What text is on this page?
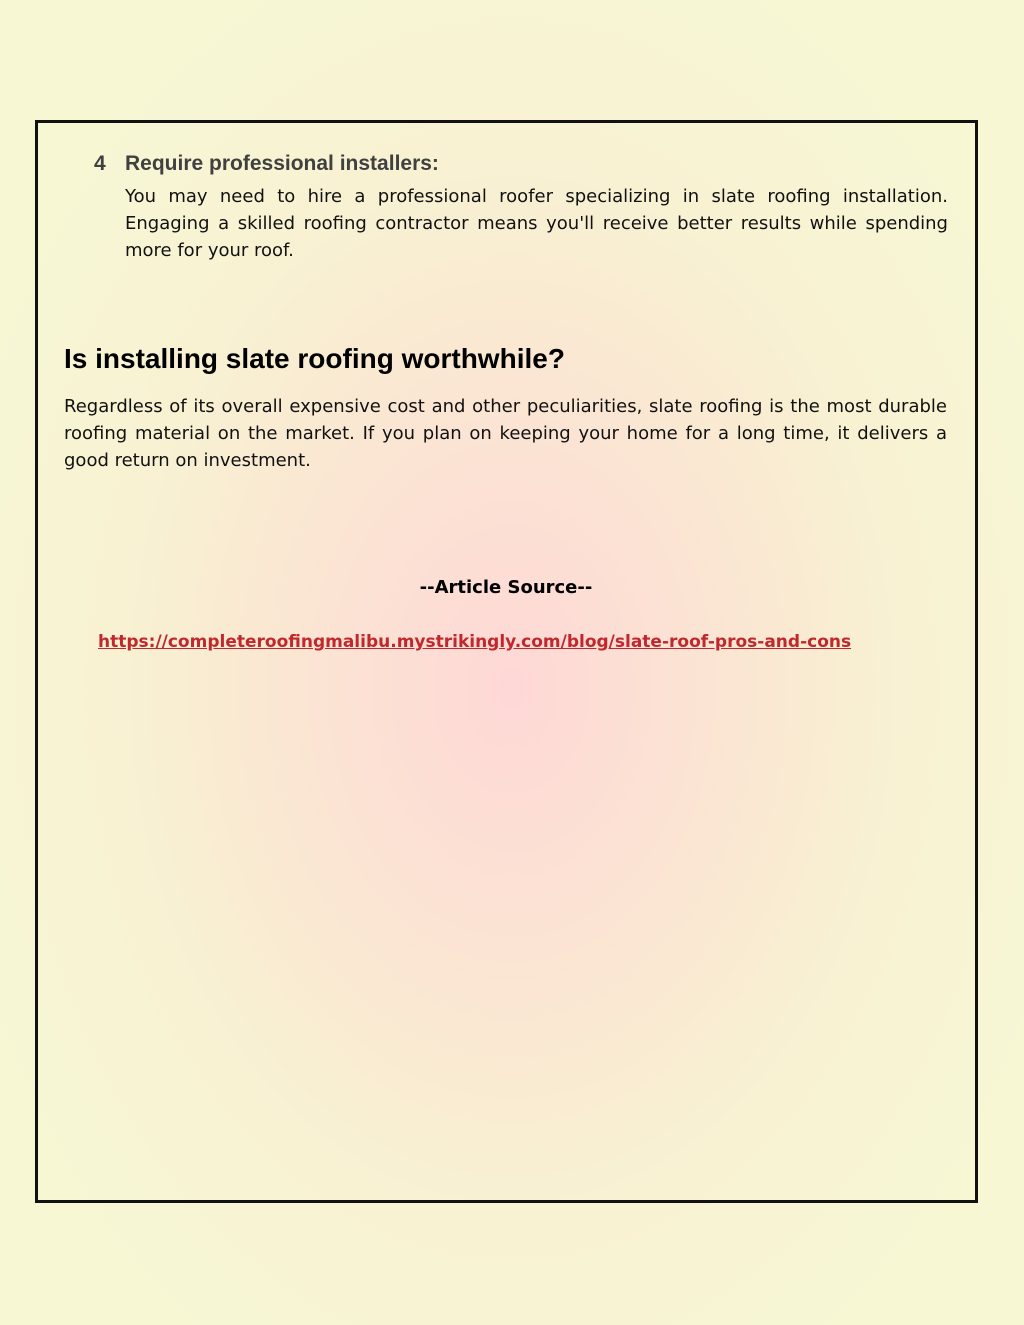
4 Require professional installers:

You may need to hire a professional roofer specializing in slate roofing installation. Engaging a skilled roofing contractor means you'll receive better results while spending more for your roof.

Is installing slate roofing worthwhile?

Regardless of its overall expensive cost and other peculiarities, slate roofing is the most durable roofing material on the market. If you plan on keeping your home for a long time, it delivers a good return on investment.

--Article Source--

https://completeroofingmalibu.mystrikingly.com/blog/slate-roof-pros-and-cons
